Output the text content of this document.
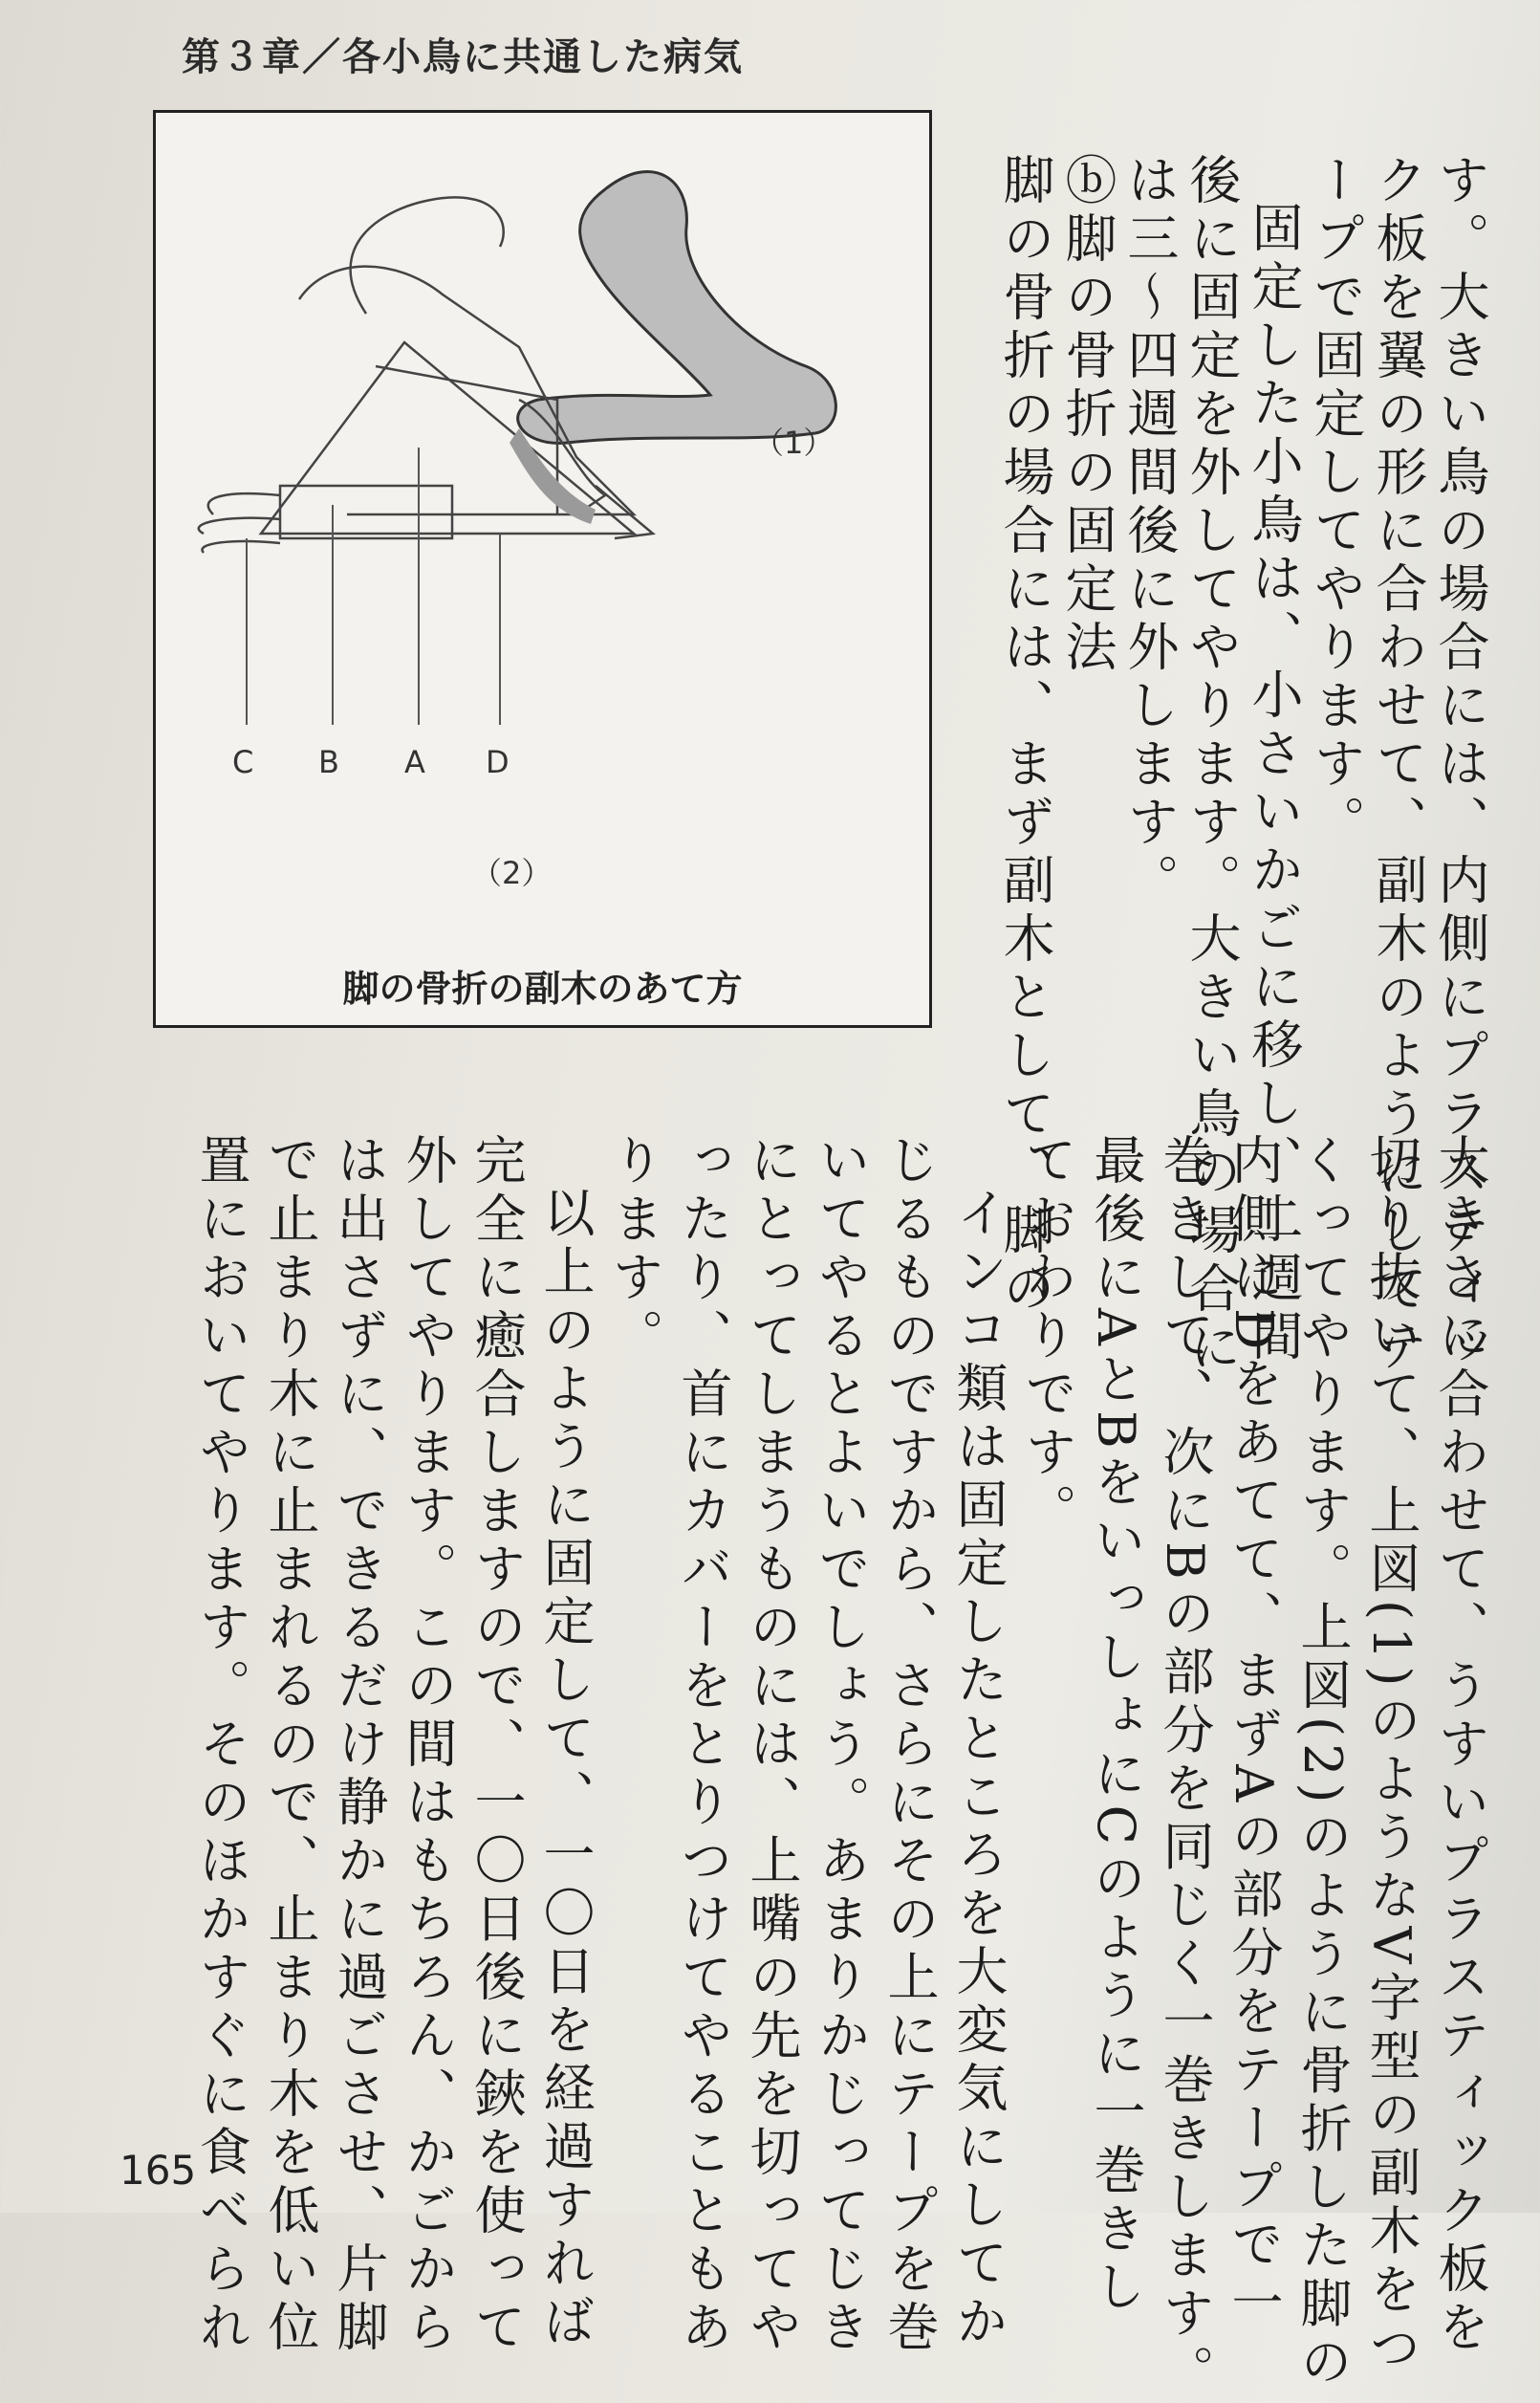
第３章／各小鳥に共通した病気
（1）
C B A D
（2）
脚の骨折の副木のあて方	す。大きい鳥の場合には、内側にプラスティッ
ク板を翼の形に合わせて、副木のようにしてテ
ープで固定してやります。
固定した小鳥は、小さいかごに移し、二週間
後に固定を外してやります。大きい鳥の場合に
は三～四週間後に外します。
ⓑ脚の骨折の固定法
脚の骨折の場合には、まず副木として、脚の
大きさに合わせて、うすいプラスティック板を
切り抜いて、上図(1)のようなV字型の副木をつ
くってやります。上図(2)のように骨折した脚の
内側にDをあてて、まずAの部分をテープで一
巻きして、次にBの部分を同じく一巻きします。
最後にAとBをいっしょにCのように一巻きし
ておわりです。
インコ類は固定したところを大変気にしてか
じるものですから、さらにその上にテープを巻
いてやるとよいでしょう。あまりかじってじき
にとってしまうものには、上嘴の先を切ってや
ったり、首にカバーをとりつけてやることもあ
ります。
以上のように固定して、一〇日を経過すれば
完全に癒合しますので、一〇日後に鋏を使って
外してやります。この間はもちろん、かごから
は出さずに、できるだけ静かに過ごさせ、片脚
で止まり木に止まれるので、止まり木を低い位
置においてやります。そのほかすぐに食べられ
165
